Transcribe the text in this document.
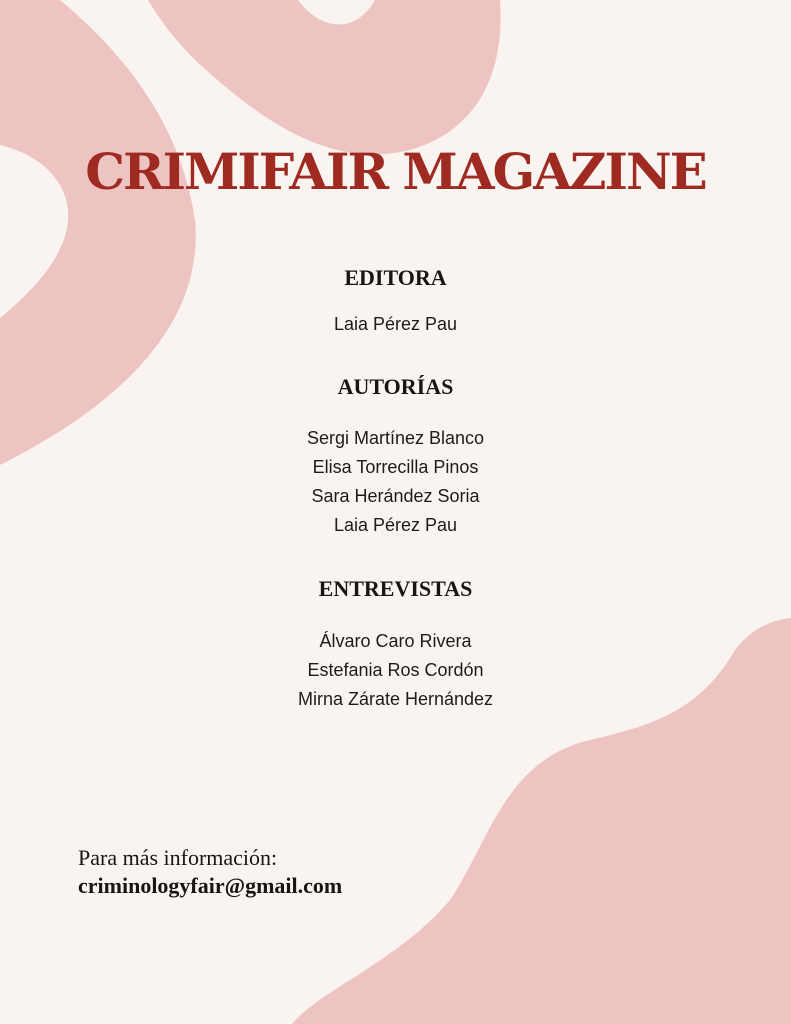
CRIMIFAIR MAGAZINE
EDITORA
Laia Pérez Pau
AUTORÍAS
Sergi Martínez Blanco
Elisa Torrecilla Pinos
Sara Herández Soria
Laia Pérez Pau
ENTREVISTAS
Álvaro Caro Rivera
Estefania Ros Cordón
Mirna Zárate Hernández
Para más información:
criminologyfair@gmail.com
